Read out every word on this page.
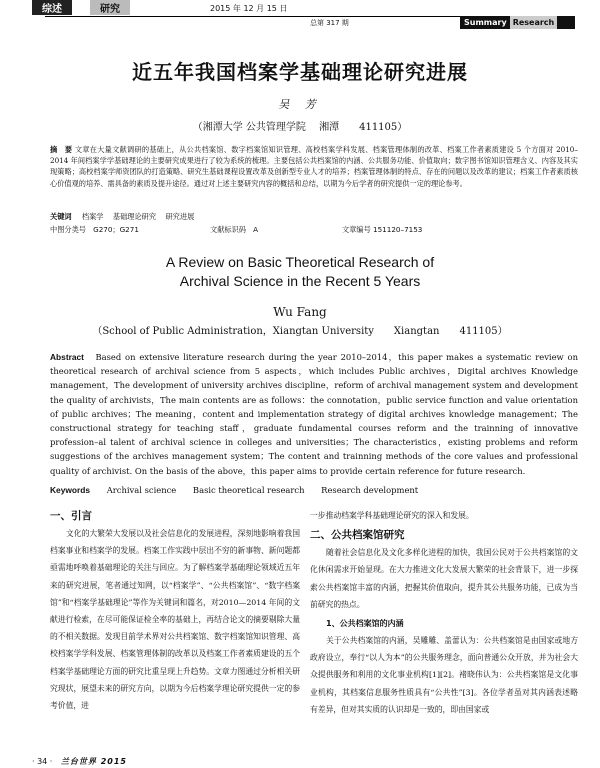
综述	研究	2015 年 12 月 15 日
总第 317 期	Summary Research
近五年我国档案学基础理论研究进展
吴 芳
（湘潭大学 公共管理学院　 湘潭　　411105）
摘　要 文章在大量文献调研的基础上，从公共档案馆、数字档案馆知识管理、高校档案学科发展、档案管理体制的改革、档案工作者素质建设 5 个方面对 2010–2014 年间档案学学基础理论的主要研究成果进行了较为系统的梳理。主要包括公共档案馆的内涵、公共服务功能、价值取向；数字图书馆知识管理含义、内容及其实现策略；高校档案学师资团队的打造策略、研究生基础课程设置改革及创新型专业人才的培养；档案管理体制的特点、存在的问题以及改革的建议；档案工作者素质核心价值观的培养、需具备的素质及提升途径。通过对上述主要研究内容的概括和总结，以期为今后学者的研究提供一定的理论参考。
关键词 档案学　 基础理论研究　 研究进展
中图分类号　G270；G271	文献标识码　A	文章编号 151120–7153
A Review on Basic Theoretical Research of
Archival Science in the Recent 5 Years
Wu Fang
（School of Public Administration，Xiangtan University　　Xiangtan　　411105）
Abstract Based on extensive literature research during the year 2010–2014，this paper makes a systematic review on theoretical research of archival science from 5 aspects，which includes Public archives，Digital archives Knowledge management，The development of university archives discipline，reform of archival management system and development the quality of archivists，The main contents are as follows：the connotation，public service function and value orientation of public archives；The meaning，content and implementation strategy of digital archives knowledge management；The constructional strategy for teaching staff，graduate fundamental courses reform and the trainning of innovative profession–al talent of archival science in colleges and universities；The characteristics，existing problems and reform suggestions of the archives management system；The content and trainning methods of the core values and professional quality of archivist. On the basis of the above，this paper aims to provide certain reference for future research.
Keywords Archival science Basic theoretical research Research development

一、引言

文化的大繁荣大发展以及社会信息化的发展进程，深刻地影响着我国档案事业和档案学的发展。档案工作实践中层出不穷的新事物、新问题都亟需地呼唤着基础理论的关注与回应。为了解档案学基础理论领域近五年来的研究进展，笔者通过知网，以“档案学”、“公共档案馆”、“数字档案馆”和“档案学基础理论”等作为关键词和篇名，对2010—2014 年间的文献进行检索，在尽可能保证检全率的基础上，再结合论文的摘要剔除大量的不相关数据。发现目前学术界对公共档案馆、数字档案馆知识管理、高校档案学学科发展、档案管理体制的改革以及档案工作者素质建设的五个档案学基础理论方面的研究比重呈现上升趋势。文章力图通过分析相关研究现状，展望未来的研究方向，以期为今后档案学理论研究提供一定的参考价值，进

一步推动档案学科基础理论研究的深入和发展。

二、公共档案馆研究

随着社会信息化及文化多样化进程的加快，我国公民对于公共档案馆的文化休闲需求开始显现。在大力推进文化大发展大繁荣的社会背景下，进一步探索公共档案馆丰富的内涵，把握其价值取向，提升其公共服务功能，已成为当前研究的热点。

1、公共档案馆的内涵

关于公共档案馆的内涵，吴雕雕、盖蕾认为：公共档案馆是由国家或地方政府设立，奉行“以人为本”的公共服务理念，面向普通公众开放，并为社会大众提供服务和利用的文化事业机构[1][2]。褚晓伟认为：公共档案馆是文化事业机构，其档案信息服务性质具有“公共性”[3]。各位学者虽对其内涵表述略有差异，但对其实质的认识却是一致的，即由国家或

· 34 · 兰台世界 2015
